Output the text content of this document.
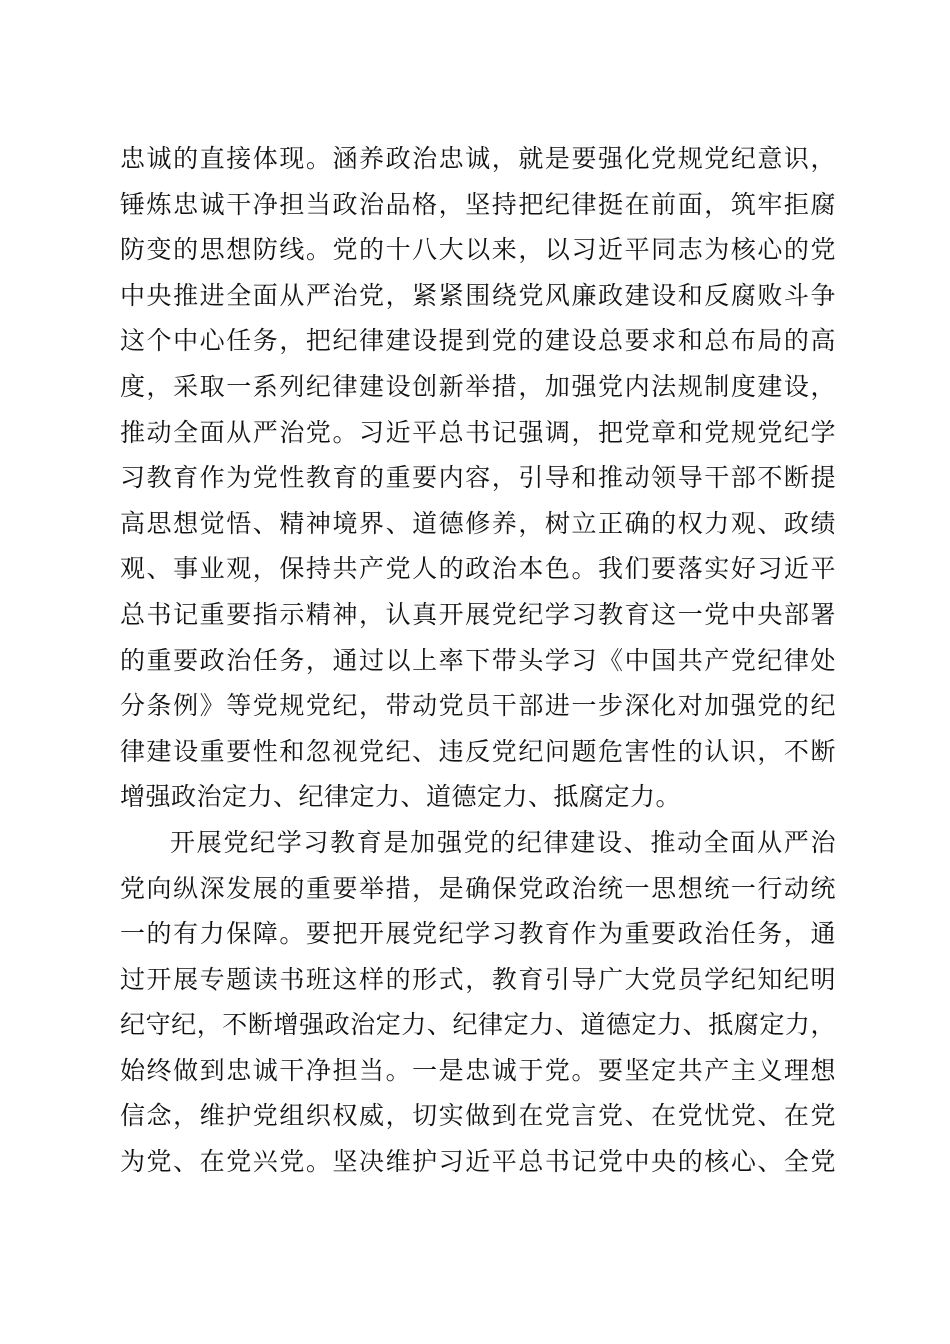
忠诚的直接体现。涵养政治忠诚，就是要强化党规党纪意识，
锤炼忠诚干净担当政治品格，坚持把纪律挺在前面，筑牢拒腐
防变的思想防线。党的十八大以来，以习近平同志为核心的党
中央推进全面从严治党，紧紧围绕党风廉政建设和反腐败斗争
这个中心任务，把纪律建设提到党的建设总要求和总布局的高
度，采取一系列纪律建设创新举措，加强党内法规制度建设，
推动全面从严治党。习近平总书记强调，把党章和党规党纪学
习教育作为党性教育的重要内容，引导和推动领导干部不断提
高思想觉悟、精神境界、道德修养，树立正确的权力观、政绩
观、事业观，保持共产党人的政治本色。我们要落实好习近平
总书记重要指示精神，认真开展党纪学习教育这一党中央部署
的重要政治任务，通过以上率下带头学习《中国共产党纪律处
分条例》等党规党纪，带动党员干部进一步深化对加强党的纪
律建设重要性和忽视党纪、违反党纪问题危害性的认识，不断
增强政治定力、纪律定力、道德定力、抵腐定力。
开展党纪学习教育是加强党的纪律建设、推动全面从严治
党向纵深发展的重要举措，是确保党政治统一思想统一行动统
一的有力保障。要把开展党纪学习教育作为重要政治任务，通
过开展专题读书班这样的形式，教育引导广大党员学纪知纪明
纪守纪，不断增强政治定力、纪律定力、道德定力、抵腐定力，
始终做到忠诚干净担当。一是忠诚于党。要坚定共产主义理想
信念，维护党组织权威，切实做到在党言党、在党忧党、在党
为党、在党兴党。坚决维护习近平总书记党中央的核心、全党
